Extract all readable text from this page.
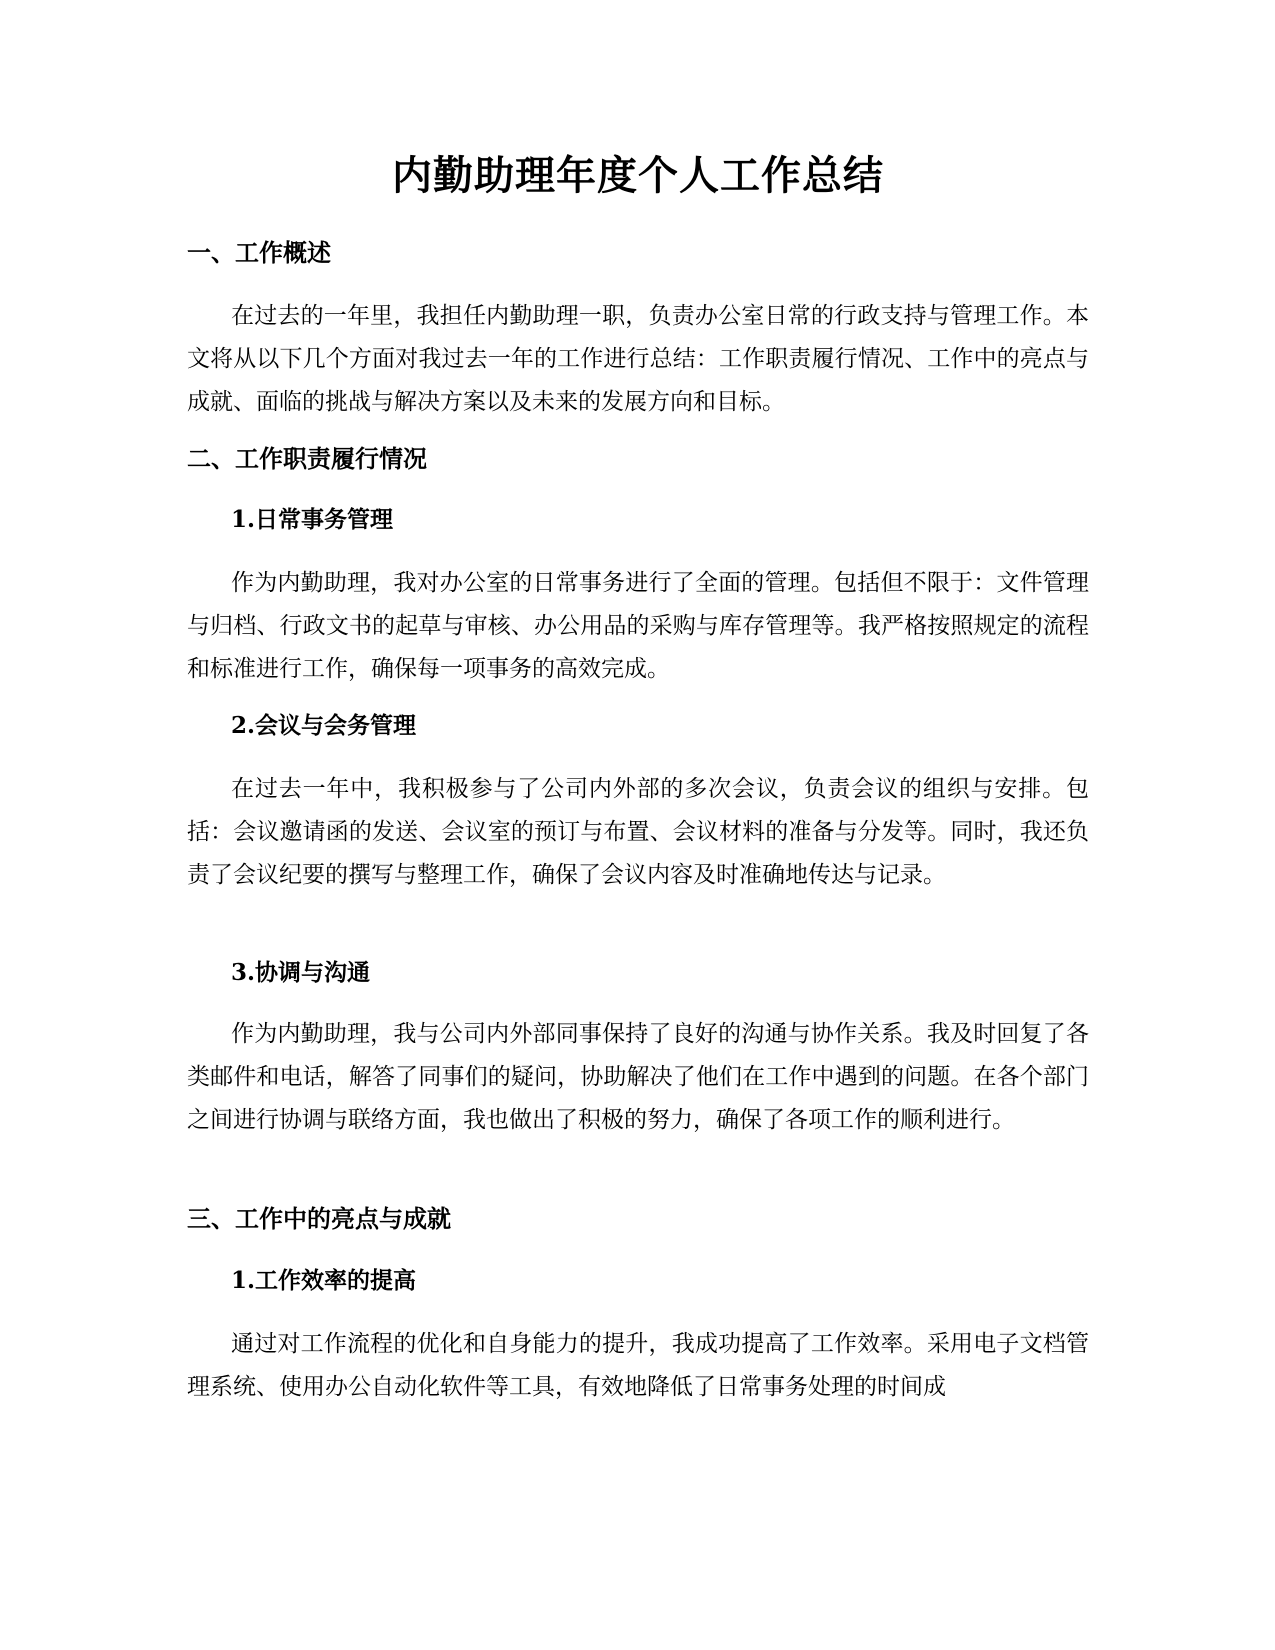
内勤助理年度个人工作总结
一、工作概述

在过去的一年里，我担任内勤助理一职，负责办公室日常的行政支持与管理工作。本文将从以下几个方面对我过去一年的工作进行总结：工作职责履行情况、工作中的亮点与成就、面临的挑战与解决方案以及未来的发展方向和目标。

二、工作职责履行情况
1.日常事务管理

作为内勤助理，我对办公室的日常事务进行了全面的管理。包括但不限于：文件管理与归档、行政文书的起草与审核、办公用品的采购与库存管理等。我严格按照规定的流程和标准进行工作，确保每一项事务的高效完成。

2.会议与会务管理

在过去一年中，我积极参与了公司内外部的多次会议，负责会议的组织与安排。包括：会议邀请函的发送、会议室的预订与布置、会议材料的准备与分发等。同时，我还负责了会议纪要的撰写与整理工作，确保了会议内容及时准确地传达与记录。

3.协调与沟通

作为内勤助理，我与公司内外部同事保持了良好的沟通与协作关系。我及时回复了各类邮件和电话，解答了同事们的疑问，协助解决了他们在工作中遇到的问题。在各个部门之间进行协调与联络方面，我也做出了积极的努力，确保了各项工作的顺利进行。

三、工作中的亮点与成就
1.工作效率的提高

通过对工作流程的优化和自身能力的提升，我成功提高了工作效率。采用电子文档管理系统、使用办公自动化软件等工具，有效地降低了日常事务处理的时间成
